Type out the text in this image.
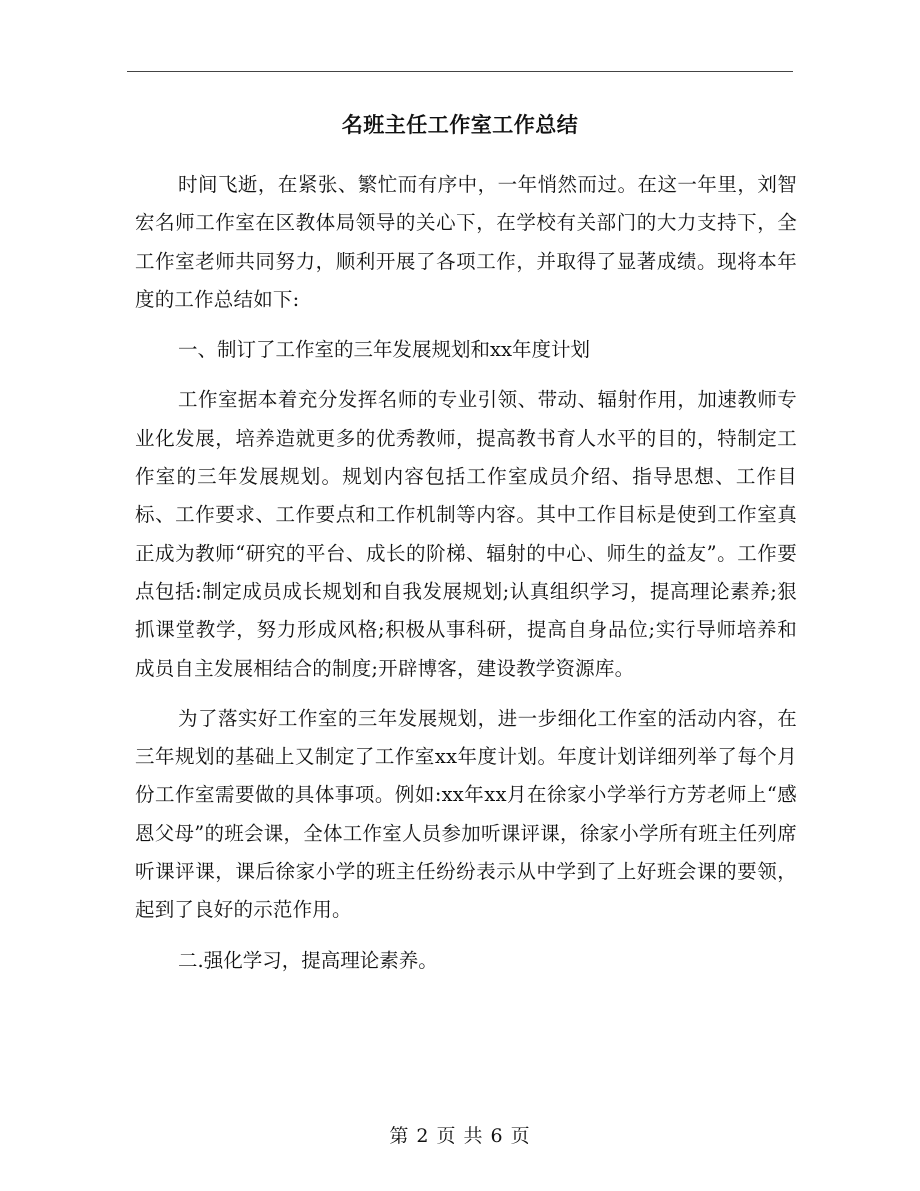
名班主任工作室工作总结

时间飞逝，在紧张、繁忙而有序中，一年悄然而过。在这一年里，刘智宏名师工作室在区教体局领导的关心下，在学校有关部门的大力支持下，全工作室老师共同努力，顺利开展了各项工作，并取得了显著成绩。现将本年度的工作总结如下:

一、制订了工作室的三年发展规划和xx年度计划

工作室据本着充分发挥名师的专业引领、带动、辐射作用，加速教师专业化发展，培养造就更多的优秀教师，提高教书育人水平的目的，特制定工作室的三年发展规划。规划内容包括工作室成员介绍、指导思想、工作目标、工作要求、工作要点和工作机制等内容。其中工作目标是使到工作室真正成为教师“研究的平台、成长的阶梯、辐射的中心、师生的益友”。工作要点包括:制定成员成长规划和自我发展规划;认真组织学习，提高理论素养;狠抓课堂教学，努力形成风格;积极从事科研，提高自身品位;实行导师培养和成员自主发展相结合的制度;开辟博客，建设教学资源库。

为了落实好工作室的三年发展规划，进一步细化工作室的活动内容，在三年规划的基础上又制定了工作室xx年度计划。年度计划详细列举了每个月份工作室需要做的具体事项。例如:xx年xx月在徐家小学举行方芳老师上“感恩父母”的班会课，全体工作室人员参加听课评课，徐家小学所有班主任列席听课评课，课后徐家小学的班主任纷纷表示从中学到了上好班会课的要领，起到了良好的示范作用。

二.强化学习，提高理论素养。

第 2 页 共 6 页
